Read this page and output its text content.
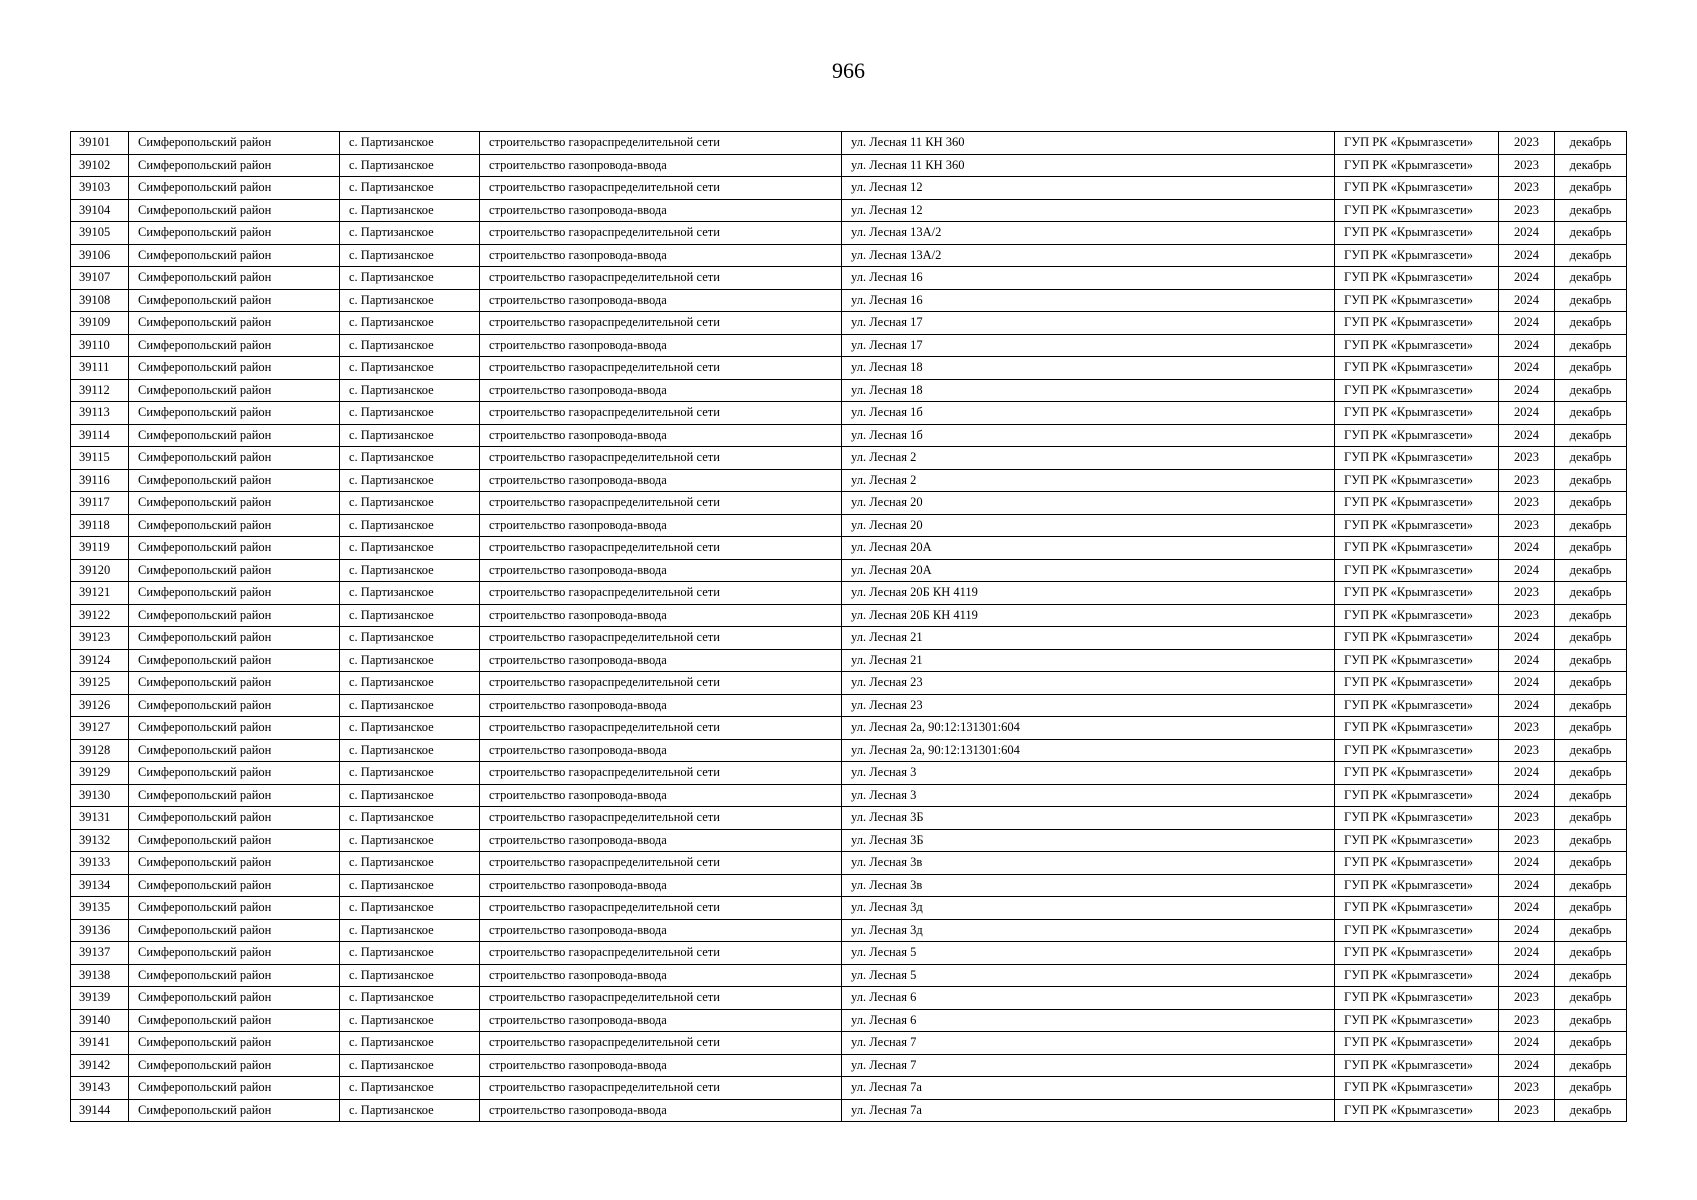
966
39101	Симферопольский район	с. Партизанское	строительство газораспределительной сети	ул. Лесная 11 КН 360	ГУП РК «Крымгазсети»	2023	декабрь
39102	Симферопольский район	с. Партизанское	строительство газопровода-ввода	ул. Лесная 11 КН 360	ГУП РК «Крымгазсети»	2023	декабрь
39103	Симферопольский район	с. Партизанское	строительство газораспределительной сети	ул. Лесная 12	ГУП РК «Крымгазсети»	2023	декабрь
39104	Симферопольский район	с. Партизанское	строительство газопровода-ввода	ул. Лесная 12	ГУП РК «Крымгазсети»	2023	декабрь
39105	Симферопольский район	с. Партизанское	строительство газораспределительной сети	ул. Лесная 13А/2	ГУП РК «Крымгазсети»	2024	декабрь
39106	Симферопольский район	с. Партизанское	строительство газопровода-ввода	ул. Лесная 13А/2	ГУП РК «Крымгазсети»	2024	декабрь
39107	Симферопольский район	с. Партизанское	строительство газораспределительной сети	ул. Лесная 16	ГУП РК «Крымгазсети»	2024	декабрь
39108	Симферопольский район	с. Партизанское	строительство газопровода-ввода	ул. Лесная 16	ГУП РК «Крымгазсети»	2024	декабрь
39109	Симферопольский район	с. Партизанское	строительство газораспределительной сети	ул. Лесная 17	ГУП РК «Крымгазсети»	2024	декабрь
39110	Симферопольский район	с. Партизанское	строительство газопровода-ввода	ул. Лесная 17	ГУП РК «Крымгазсети»	2024	декабрь
39111	Симферопольский район	с. Партизанское	строительство газораспределительной сети	ул. Лесная 18	ГУП РК «Крымгазсети»	2024	декабрь
39112	Симферопольский район	с. Партизанское	строительство газопровода-ввода	ул. Лесная 18	ГУП РК «Крымгазсети»	2024	декабрь
39113	Симферопольский район	с. Партизанское	строительство газораспределительной сети	ул. Лесная 1б	ГУП РК «Крымгазсети»	2024	декабрь
39114	Симферопольский район	с. Партизанское	строительство газопровода-ввода	ул. Лесная 1б	ГУП РК «Крымгазсети»	2024	декабрь
39115	Симферопольский район	с. Партизанское	строительство газораспределительной сети	ул. Лесная 2	ГУП РК «Крымгазсети»	2023	декабрь
39116	Симферопольский район	с. Партизанское	строительство газопровода-ввода	ул. Лесная 2	ГУП РК «Крымгазсети»	2023	декабрь
39117	Симферопольский район	с. Партизанское	строительство газораспределительной сети	ул. Лесная 20	ГУП РК «Крымгазсети»	2023	декабрь
39118	Симферопольский район	с. Партизанское	строительство газопровода-ввода	ул. Лесная 20	ГУП РК «Крымгазсети»	2023	декабрь
39119	Симферопольский район	с. Партизанское	строительство газораспределительной сети	ул. Лесная 20А	ГУП РК «Крымгазсети»	2024	декабрь
39120	Симферопольский район	с. Партизанское	строительство газопровода-ввода	ул. Лесная 20А	ГУП РК «Крымгазсети»	2024	декабрь
39121	Симферопольский район	с. Партизанское	строительство газораспределительной сети	ул. Лесная 20Б КН 4119	ГУП РК «Крымгазсети»	2023	декабрь
39122	Симферопольский район	с. Партизанское	строительство газопровода-ввода	ул. Лесная 20Б КН 4119	ГУП РК «Крымгазсети»	2023	декабрь
39123	Симферопольский район	с. Партизанское	строительство газораспределительной сети	ул. Лесная 21	ГУП РК «Крымгазсети»	2024	декабрь
39124	Симферопольский район	с. Партизанское	строительство газопровода-ввода	ул. Лесная 21	ГУП РК «Крымгазсети»	2024	декабрь
39125	Симферопольский район	с. Партизанское	строительство газораспределительной сети	ул. Лесная 23	ГУП РК «Крымгазсети»	2024	декабрь
39126	Симферопольский район	с. Партизанское	строительство газопровода-ввода	ул. Лесная 23	ГУП РК «Крымгазсети»	2024	декабрь
39127	Симферопольский район	с. Партизанское	строительство газораспределительной сети	ул. Лесная 2а, 90:12:131301:604	ГУП РК «Крымгазсети»	2023	декабрь
39128	Симферопольский район	с. Партизанское	строительство газопровода-ввода	ул. Лесная 2а, 90:12:131301:604	ГУП РК «Крымгазсети»	2023	декабрь
39129	Симферопольский район	с. Партизанское	строительство газораспределительной сети	ул. Лесная 3	ГУП РК «Крымгазсети»	2024	декабрь
39130	Симферопольский район	с. Партизанское	строительство газопровода-ввода	ул. Лесная 3	ГУП РК «Крымгазсети»	2024	декабрь
39131	Симферопольский район	с. Партизанское	строительство газораспределительной сети	ул. Лесная 3Б	ГУП РК «Крымгазсети»	2023	декабрь
39132	Симферопольский район	с. Партизанское	строительство газопровода-ввода	ул. Лесная 3Б	ГУП РК «Крымгазсети»	2023	декабрь
39133	Симферопольский район	с. Партизанское	строительство газораспределительной сети	ул. Лесная 3в	ГУП РК «Крымгазсети»	2024	декабрь
39134	Симферопольский район	с. Партизанское	строительство газопровода-ввода	ул. Лесная 3в	ГУП РК «Крымгазсети»	2024	декабрь
39135	Симферопольский район	с. Партизанское	строительство газораспределительной сети	ул. Лесная 3д	ГУП РК «Крымгазсети»	2024	декабрь
39136	Симферопольский район	с. Партизанское	строительство газопровода-ввода	ул. Лесная 3д	ГУП РК «Крымгазсети»	2024	декабрь
39137	Симферопольский район	с. Партизанское	строительство газораспределительной сети	ул. Лесная 5	ГУП РК «Крымгазсети»	2024	декабрь
39138	Симферопольский район	с. Партизанское	строительство газопровода-ввода	ул. Лесная 5	ГУП РК «Крымгазсети»	2024	декабрь
39139	Симферопольский район	с. Партизанское	строительство газораспределительной сети	ул. Лесная 6	ГУП РК «Крымгазсети»	2023	декабрь
39140	Симферопольский район	с. Партизанское	строительство газопровода-ввода	ул. Лесная 6	ГУП РК «Крымгазсети»	2023	декабрь
39141	Симферопольский район	с. Партизанское	строительство газораспределительной сети	ул. Лесная 7	ГУП РК «Крымгазсети»	2024	декабрь
39142	Симферопольский район	с. Партизанское	строительство газопровода-ввода	ул. Лесная 7	ГУП РК «Крымгазсети»	2024	декабрь
39143	Симферопольский район	с. Партизанское	строительство газораспределительной сети	ул. Лесная 7а	ГУП РК «Крымгазсети»	2023	декабрь
39144	Симферопольский район	с. Партизанское	строительство газопровода-ввода	ул. Лесная 7а	ГУП РК «Крымгазсети»	2023	декабрь
